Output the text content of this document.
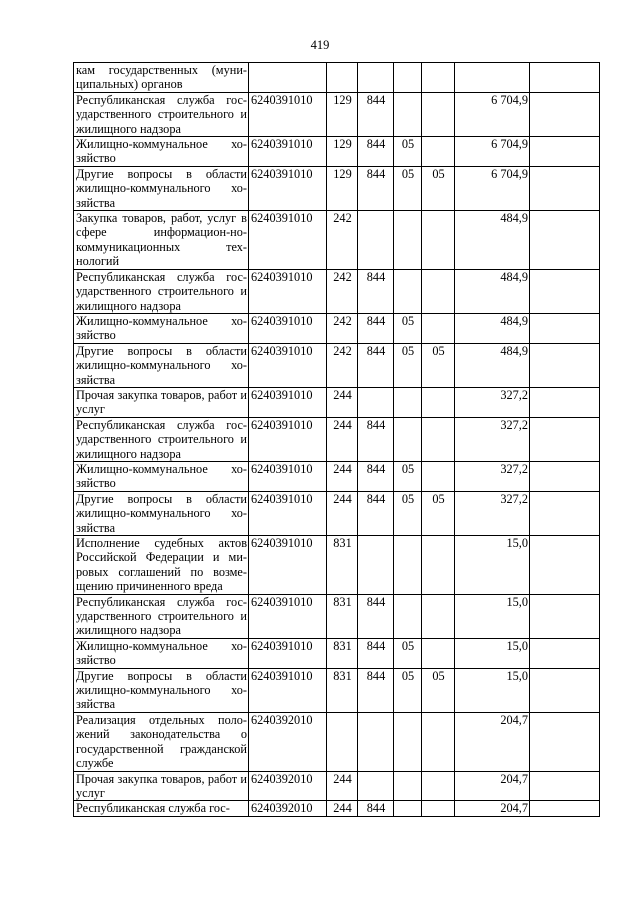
419
кам государственных (муни-ципальных) органов							
Республиканская служба гос-ударственного строительного и жилищного надзора	6240391010	129	844			6 704,9	
Жилищно-коммунальное хо-зяйство	6240391010	129	844	05		6 704,9	
Другие вопросы в области жилищно-коммунального хо-зяйства	6240391010	129	844	05	05	6 704,9	
Закупка товаров, работ, услуг в сфере информацион-но-коммуникационных тех-нологий	6240391010	242				484,9	
Республиканская служба гос-ударственного строительного и жилищного надзора	6240391010	242	844			484,9	
Жилищно-коммунальное хо-зяйство	6240391010	242	844	05		484,9	
Другие вопросы в области жилищно-коммунального хо-зяйства	6240391010	242	844	05	05	484,9	
Прочая закупка товаров, работ и услуг	6240391010	244				327,2	
Республиканская служба гос-ударственного строительного и жилищного надзора	6240391010	244	844			327,2	
Жилищно-коммунальное хо-зяйство	6240391010	244	844	05		327,2	
Другие вопросы в области жилищно-коммунального хо-зяйства	6240391010	244	844	05	05	327,2	
Исполнение судебных актов Российской Федерации и ми-ровых соглашений по возме-щению причиненного вреда	6240391010	831				15,0	
Республиканская служба гос-ударственного строительного и жилищного надзора	6240391010	831	844			15,0	
Жилищно-коммунальное хо-зяйство	6240391010	831	844	05		15,0	
Другие вопросы в области жилищно-коммунального хо-зяйства	6240391010	831	844	05	05	15,0	
Реализация отдельных поло-жений законодательства о государственной гражданской службе	6240392010					204,7	
Прочая закупка товаров, работ и услуг	6240392010	244				204,7	
Республиканская служба гос-	6240392010	244	844			204,7	
